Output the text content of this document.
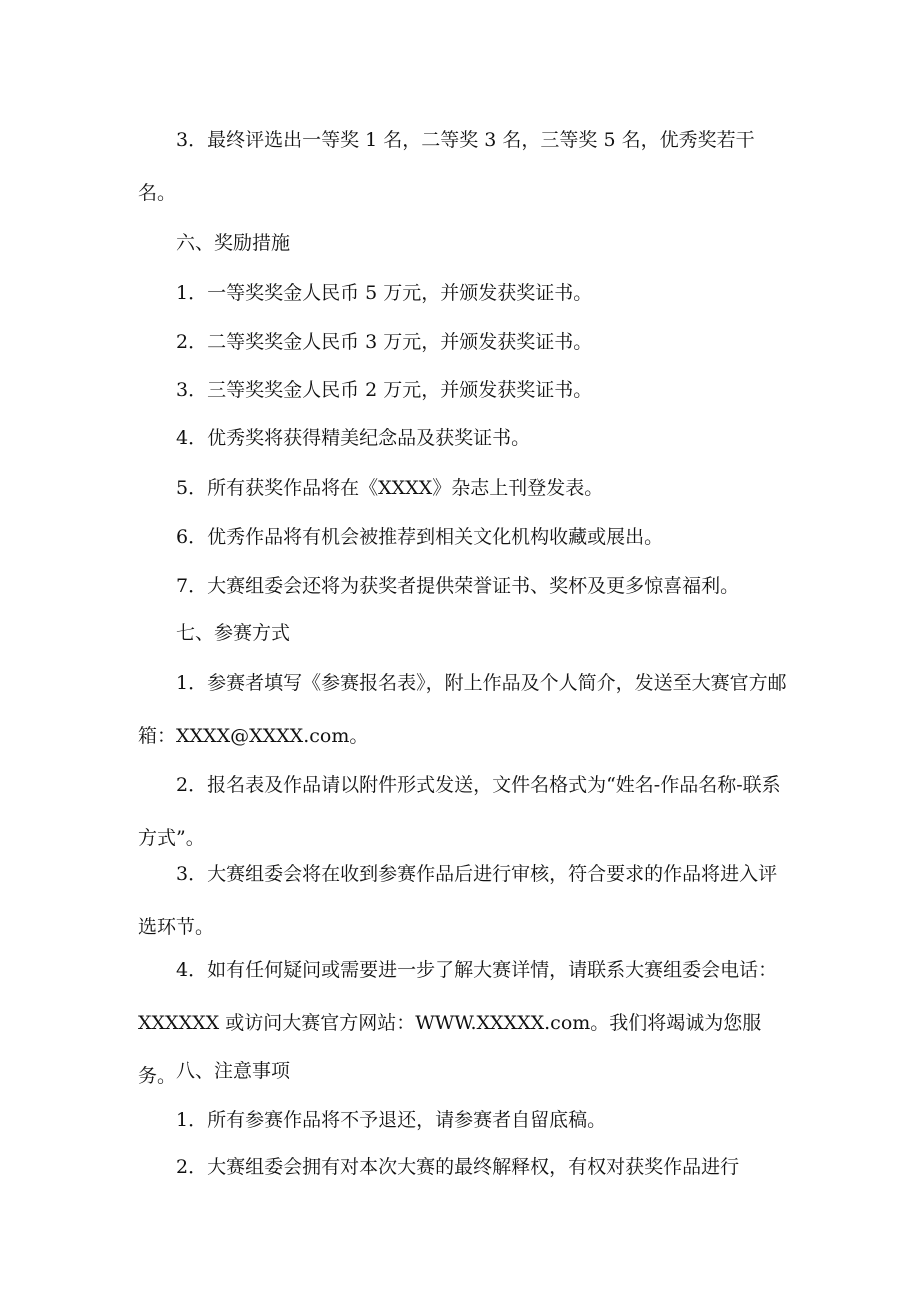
3．最终评选出一等奖 1 名，二等奖 3 名，三等奖 5 名，优秀奖若干名。

六、奖励措施

1．一等奖奖金人民币 5 万元，并颁发获奖证书。

2．二等奖奖金人民币 3 万元，并颁发获奖证书。

3．三等奖奖金人民币 2 万元，并颁发获奖证书。

4．优秀奖将获得精美纪念品及获奖证书。

5．所有获奖作品将在《XXXX》杂志上刊登发表。

6．优秀作品将有机会被推荐到相关文化机构收藏或展出。

7．大赛组委会还将为获奖者提供荣誉证书、奖杯及更多惊喜福利。

七、参赛方式

1．参赛者填写《参赛报名表》，附上作品及个人简介，发送至大赛官方邮箱：XXXX@XXXX.com。

2．报名表及作品请以附件形式发送，文件名格式为“姓名-作品名称-联系方式”。

3．大赛组委会将在收到参赛作品后进行审核，符合要求的作品将进入评选环节。

4．如有任何疑问或需要进一步了解大赛详情，请联系大赛组委会电话：XXXXXX 或访问大赛官方网站：WWW.XXXXX.com。我们将竭诚为您服务。 八、注意事项

1．所有参赛作品将不予退还，请参赛者自留底稿。

2．大赛组委会拥有对本次大赛的最终解释权，有权对获奖作品进行
